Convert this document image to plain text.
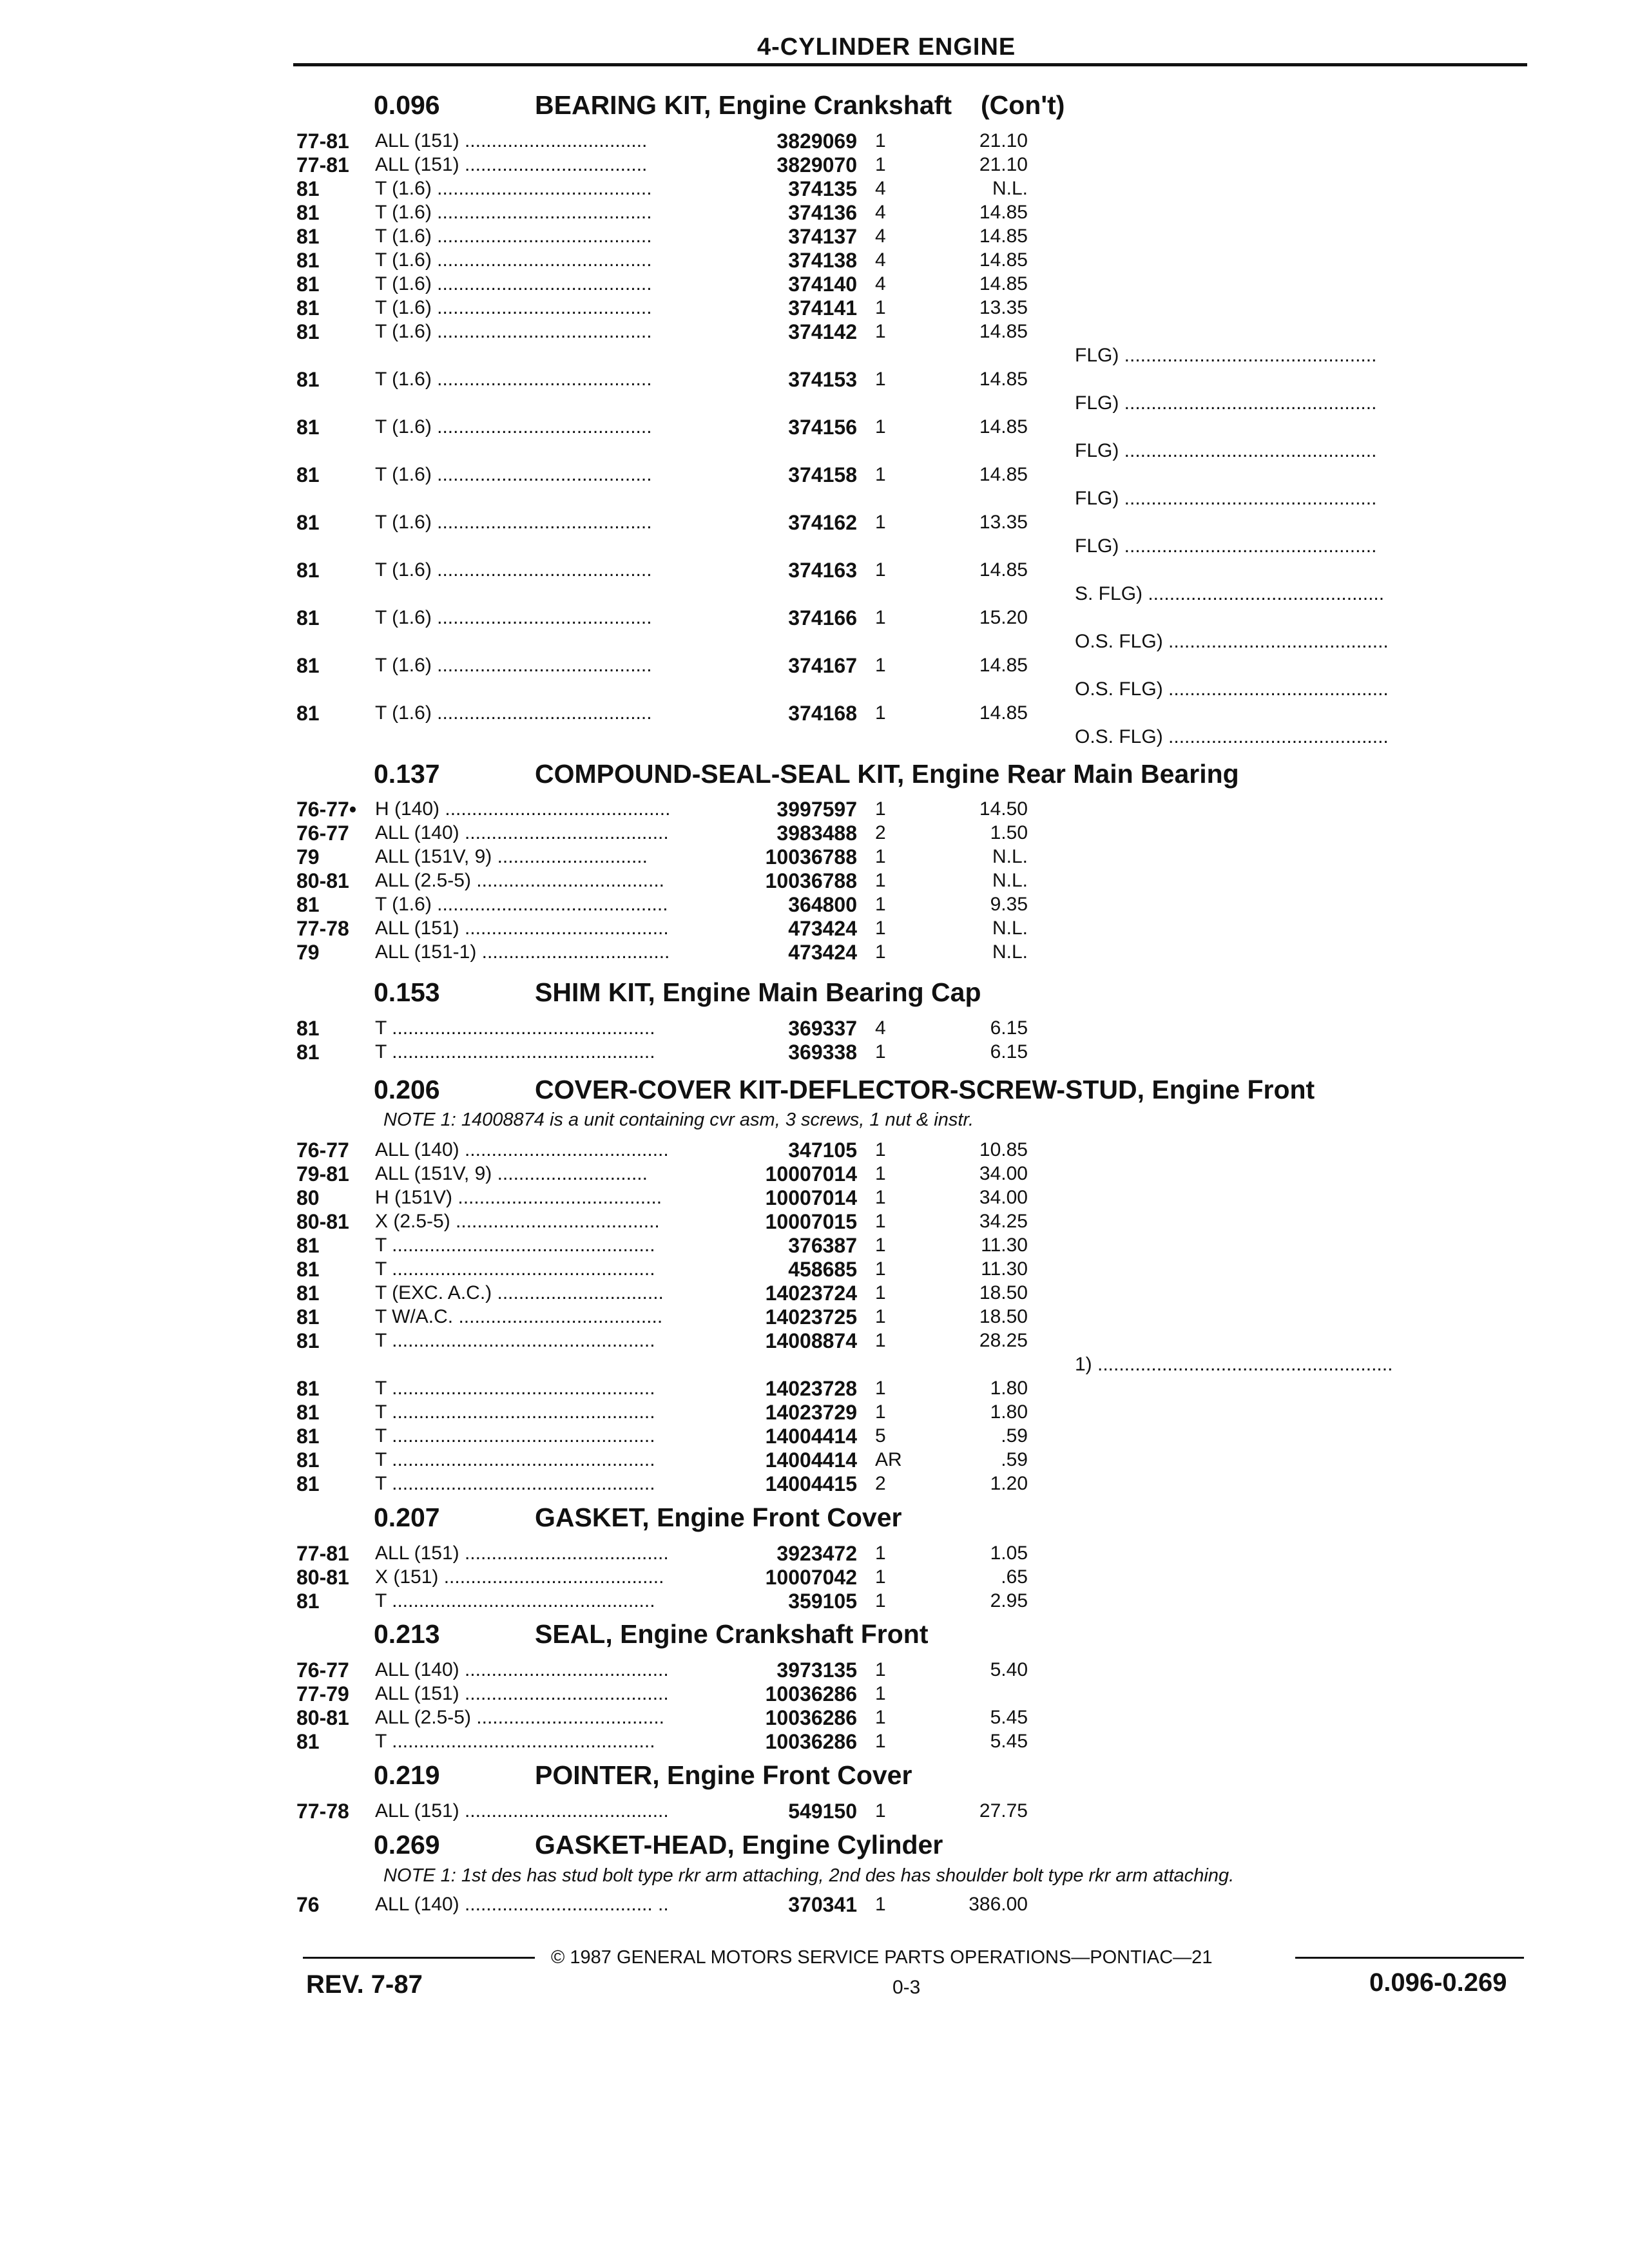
4-CYLINDER ENGINE
0.096	BEARING KIT, Engine Crankshaft (Con't)
77-81 ALL (151) ..................................	3829069 1	21.10
77-81 ALL (151) ..................................	3829070 1	21.10
81	T (1.6) ........................................	374135 4	N.L.
81	T (1.6) ........................................	374136 4	14.85
81	T (1.6) ........................................	374137 4	14.85
81	T (1.6) ........................................	374138 4	14.85
81	T (1.6) ........................................	374140 4	14.85
81	T (1.6) ........................................	374141 1	13.35
81	T (1.6) ........................................	374142 1	14.85
FLG) ...............................................
81	T (1.6) ........................................	374153 1	14.85
FLG) ...............................................
81	T (1.6) ........................................	374156 1	14.85
FLG) ...............................................
81	T (1.6) ........................................	374158 1	14.85
FLG) ...............................................
81	T (1.6) ........................................	374162 1	13.35
FLG) ...............................................
81	T (1.6) ........................................	374163 1	14.85
S. FLG) ............................................
81	T (1.6) ........................................	374166 1	15.20
O.S. FLG) .........................................
81	T (1.6) ........................................	374167 1	14.85
O.S. FLG) .........................................
81	T (1.6) ........................................	374168 1	14.85
O.S. FLG) .........................................
0.137	COMPOUND-SEAL-SEAL KIT, Engine Rear Main Bearing
76-77• H (140) ..........................................	3997597 1	14.50
76-77 ALL (140) ......................................	3983488 2	1.50
79	ALL (151V, 9) ............................	10036788 1	N.L.
80-81 ALL (2.5-5) ...................................	10036788 1	N.L.
81	T (1.6) ...........................................	364800 1	9.35
77-78 ALL (151) ......................................	473424 1	N.L.
79	ALL (151-1) ...................................	473424 1	N.L.
0.153	SHIM KIT, Engine Main Bearing Cap
81	T .................................................	369337 4	6.15
81	T .................................................	369338 1	6.15
0.206	COVER-COVER KIT-DEFLECTOR-SCREW-STUD, Engine Front
76-77 ALL (140) ......................................	347105 1	10.85
79-81 ALL (151V, 9) ............................	10007014 1	34.00
80	H (151V) ......................................	10007014 1	34.00
80-81 X (2.5-5) ......................................	10007015 1	34.25
81	T .................................................	376387 1	11.30
81	T .................................................	458685 1	11.30
81	T (EXC. A.C.) ...............................	14023724 1	18.50
81	T W/A.C. ......................................	14023725 1	18.50
81	T .................................................	14008874 1	28.25
1) .......................................................
81	T .................................................	14023728 1	1.80
81	T .................................................	14023729 1	1.80
81	T .................................................	14004414 5	.59
81	T .................................................	14004414 AR	.59
81	T .................................................	14004415 2	1.20
0.207	GASKET, Engine Front Cover
77-81 ALL (151) ......................................	3923472 1	1.05
80-81 X (151) .........................................	10007042 1	.65
81	T .................................................	359105 1	2.95
0.213	SEAL, Engine Crankshaft Front
76-77 ALL (140) ......................................	3973135 1	5.40
77-79 ALL (151) ......................................	10036286 1
80-81 ALL (2.5-5) ...................................	10036286 1	5.45
81	T .................................................	10036286 1	5.45
0.219	POINTER, Engine Front Cover
77-78 ALL (151) ......................................	549150 1	27.75
0.269	GASKET-HEAD, Engine Cylinder
76	ALL (140) ................................... ..	370341 1	386.00
NOTE 1: 14008874 is a unit containing cvr asm, 3 screws, 1 nut & instr.
NOTE 1: 1st des has stud bolt type rkr arm attaching, 2nd des has shoulder bolt type rkr arm attaching.
© 1987 GENERAL MOTORS SERVICE PARTS OPERATIONS—PONTIAC—21
REV. 7-87	0-3	0.096-0.269
